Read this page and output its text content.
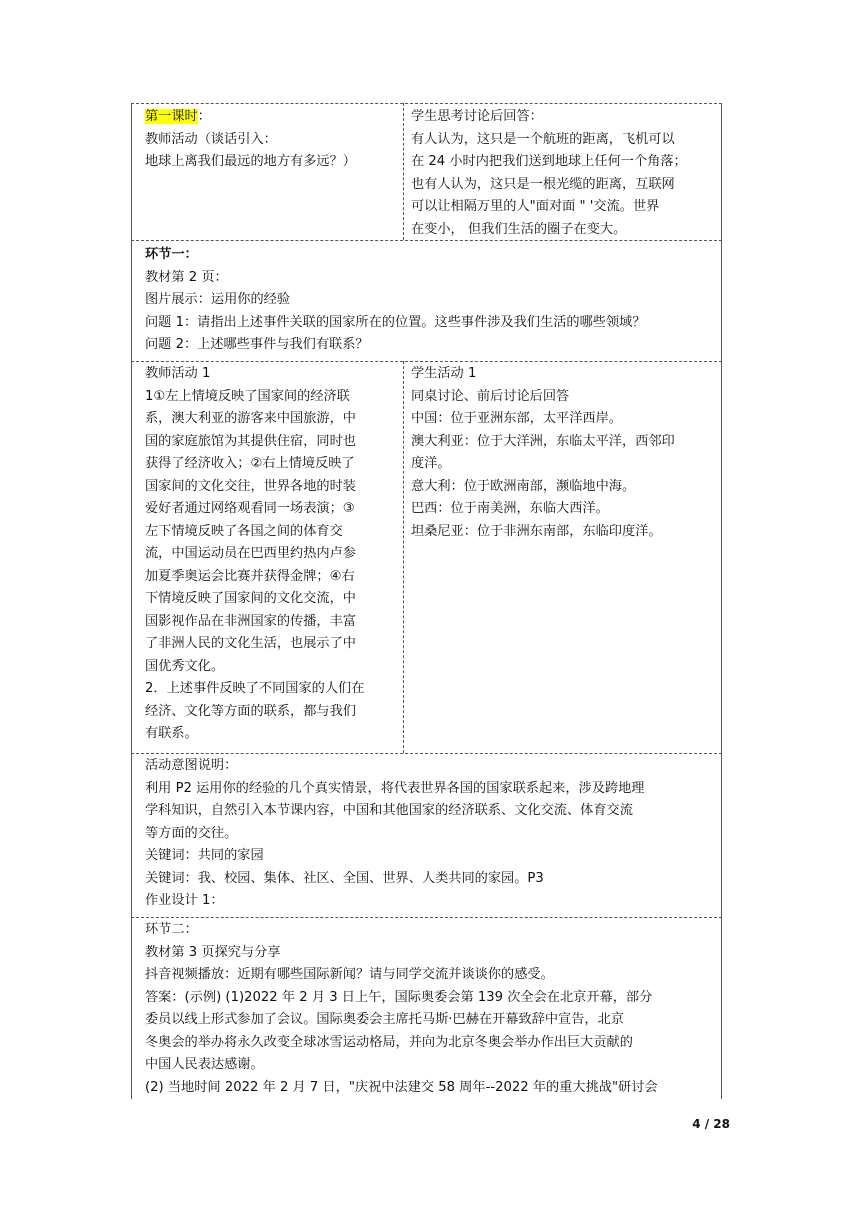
第一课时：
教师活动（谈话引入：
地球上离我们最远的地方有多远？）
学生思考讨论后回答：
有人认为，这只是一个航班的距离，飞机可以
在 24 小时内把我们送到地球上任何一个角落；
也有人认为，这只是一根光缆的距离，互联网
可以让相隔万里的人"面对面 " '交流。世界
在变小， 但我们生活的圈子在变大。
环节一：
教材第 2 页：
图片展示：运用你的经验
问题 1：请指出上述事件关联的国家所在的位置。这些事件涉及我们生活的哪些领域？
问题 2：上述哪些事件与我们有联系？
教师活动 1
1①左上情境反映了国家间的经济联
系，澳大利亚的游客来中国旅游，中
国的家庭旅馆为其提供住宿，同时也
获得了经济收入；②右上情境反映了
国家间的文化交往，世界各地的时装
爱好者通过网络观看同一场表演；③
左下情境反映了各国之间的体育交
流，中国运动员在巴西里约热内卢参
加夏季奥运会比赛并获得金牌；④右
下情境反映了国家间的文化交流，中
国影视作品在非洲国家的传播，丰富
了非洲人民的文化生活，也展示了中
国优秀文化。
2．上述事件反映了不同国家的人们在
经济、文化等方面的联系，都与我们
有联系。
学生活动 1
同桌讨论、前后讨论后回答
中国：位于亚洲东部，太平洋西岸。
澳大利亚：位于大洋洲，东临太平洋，西邻印
度洋。
意大利：位于欧洲南部，濒临地中海。
巴西：位于南美洲，东临大西洋。
坦桑尼亚：位于非洲东南部，东临印度洋。
活动意图说明：
利用 P2 运用你的经验的几个真实情景，将代表世界各国的国家联系起来，涉及跨地理
学科知识，自然引入本节课内容，中国和其他国家的经济联系、文化交流、体育交流
等方面的交往。
关键词：共同的家园
关键词：我、校园、集体、社区、全国、世界、人类共同的家园。P3
作业设计 1：
环节二：
教材第 3 页探究与分享
抖音视频播放：近期有哪些国际新闻？请与同学交流并谈谈你的感受。
答案：(示例) (1)2022 年 2 月 3 日上午，国际奥委会第 139 次全会在北京开幕，部分
委员以线上形式参加了会议。国际奥委会主席托马斯·巴赫在开幕致辞中宣告，北京
冬奥会的举办将永久改变全球冰雪运动格局，并向为北京冬奥会举办作出巨大贡献的
中国人民表达感谢。
(2) 当地时间 2022 年 2 月 7 日，"庆祝中法建交 58 周年--2022 年的重大挑战"研讨会
4 / 28
